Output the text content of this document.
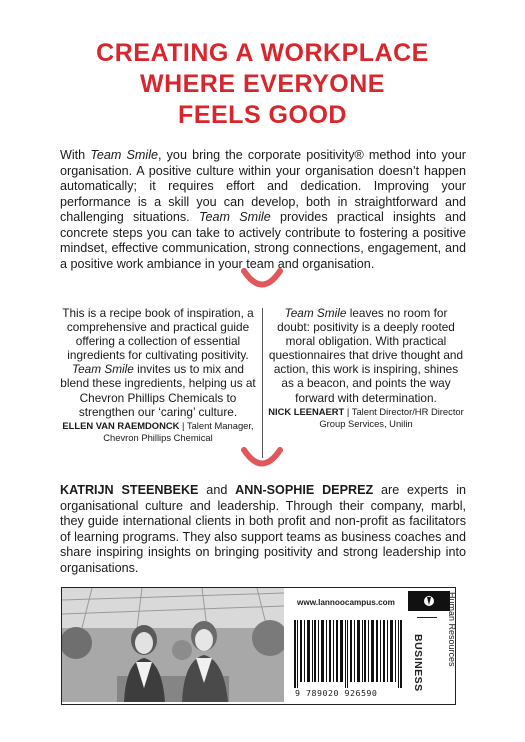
CREATING A WORKPLACE
WHERE EVERYONE
FEELS GOOD
With Team Smile, you bring the corporate positivity® method into your organisation. A positive culture within your organisation doesn’t happen automatically; it requires effort and dedication. Improving your performance is a skill you can develop, both in straightforward and challenging situations. Team Smile provides practical insights and concrete steps you can take to actively contribute to fostering a positive mindset, effective communication, strong connections, engagement, and a positive work ambiance in your team and organisation.
This is a recipe book of inspiration, a comprehensive and practical guide offering a collection of essential ingredients for cultivating positivity. Team Smile invites us to mix and blend these ingredients, helping us at Chevron Phillips Chemicals to strengthen our ‘caring’ culture.
ELLEN VAN RAEMDONCK | Talent Manager, Chevron Phillips Chemical
Team Smile leaves no room for doubt: positivity is a deeply rooted moral obligation. With practical questionnaires that drive thought and action, this work is inspiring, shines as a beacon, and points the way forward with determination.
NICK LEENAERT | Talent Director/HR Director Group Services, Unilin
KATRIJN STEENBEKE and ANN-SOPHIE DEPREZ are experts in organisational culture and leadership. Through their company, marbl, they guide international clients in both profit and non-profit as facilitators of learning programs. They also support teams as business coaches and share inspiring insights on bringing positivity and strong leadership into organisations.
www.lannoocampus.com
BUSINESS	Human Resources
9 789020 926590
